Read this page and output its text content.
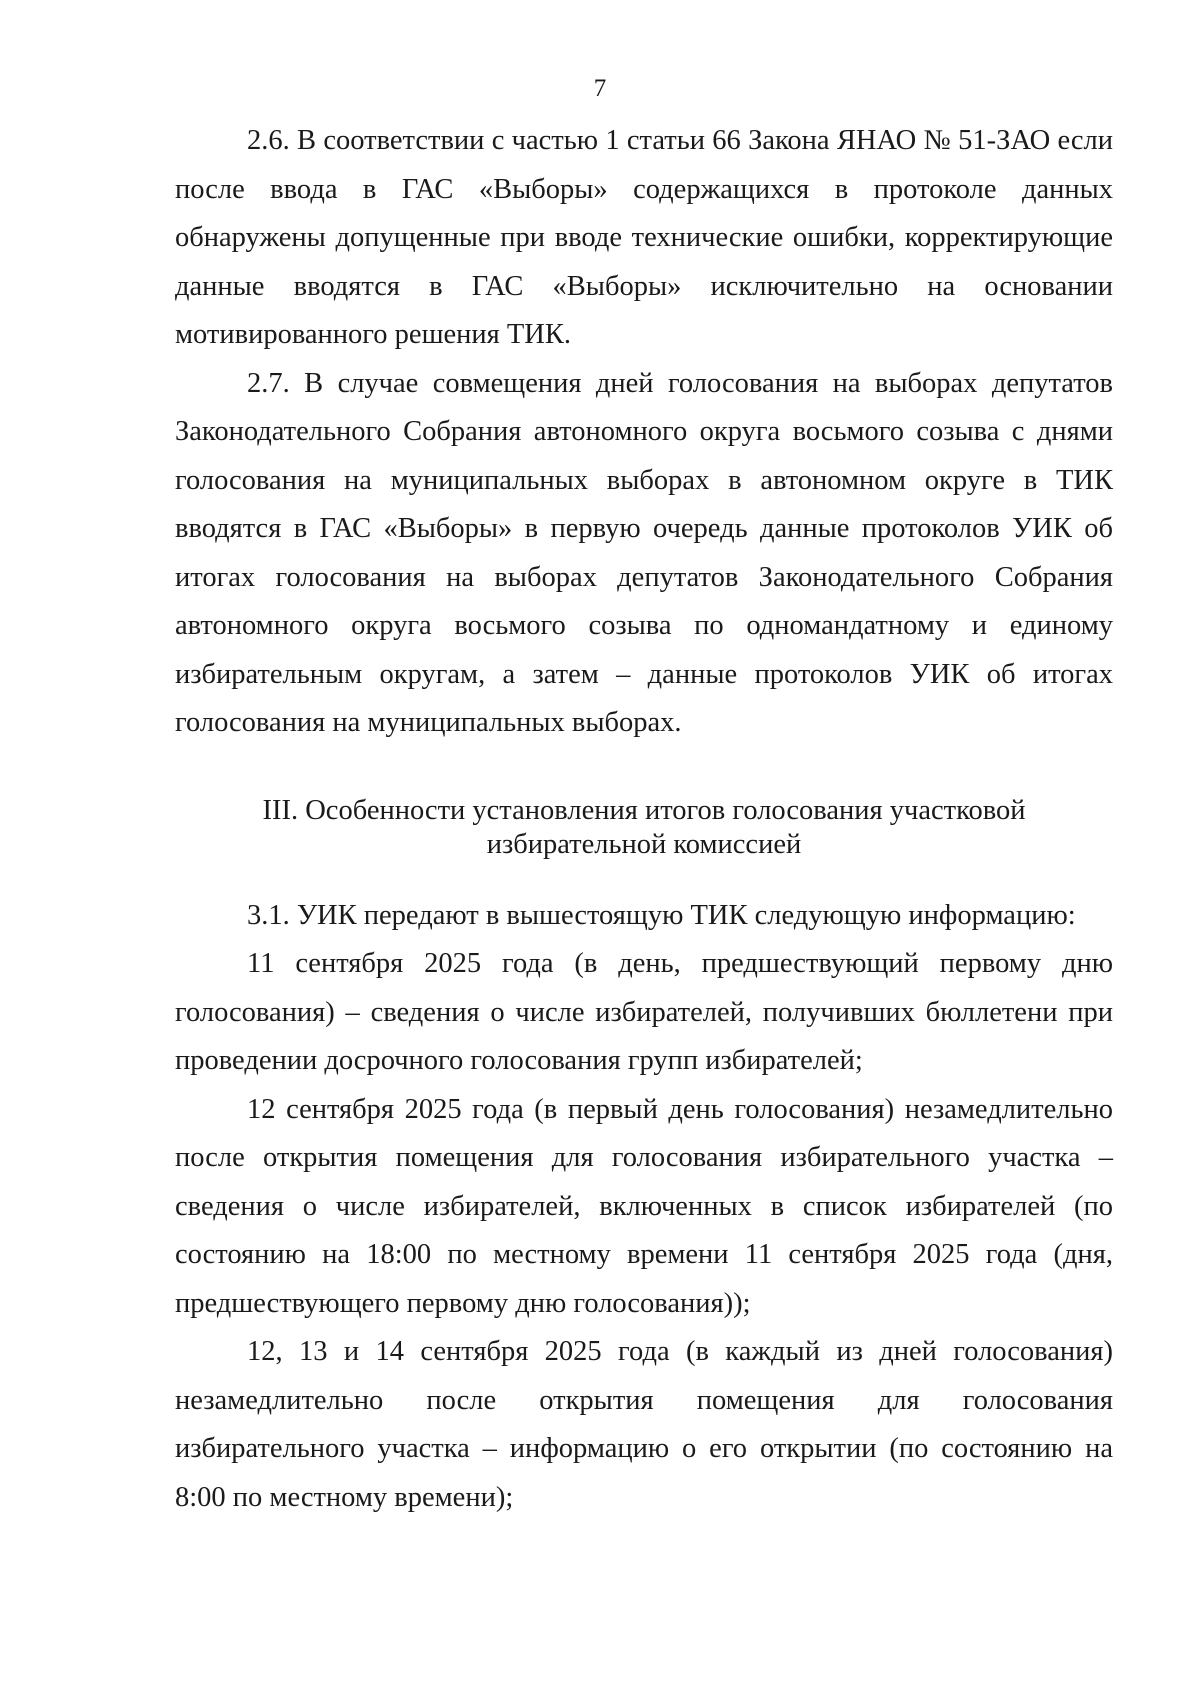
7

2.6. В соответствии с частью 1 статьи 66 Закона ЯНАО № 51-ЗАО если после ввода в ГАС «Выборы» содержащихся в протоколе данных обнаружены допущенные при вводе технические ошибки, корректирующие данные вводятся в ГАС «Выборы» исключительно на основании мотивированного решения ТИК.

2.7. В случае совмещения дней голосования на выборах депутатов Законодательного Собрания автономного округа восьмого созыва с днями голосования на муниципальных выборах в автономном округе в ТИК вводятся в ГАС «Выборы» в первую очередь данные протоколов УИК об итогах голосования на выборах депутатов Законодательного Собрания автономного округа восьмого созыва по одномандатному и единому избирательным округам, а затем – данные протоколов УИК об итогах голосования на муниципальных выборах.

III. Особенности установления итогов голосования участковой
избирательной комиссией

3.1. УИК передают в вышестоящую ТИК следующую информацию:

11 сентября 2025 года (в день, предшествующий первому дню голосования) – сведения о числе избирателей, получивших бюллетени при проведении досрочного голосования групп избирателей;

12 сентября 2025 года (в первый день голосования) незамедлительно после открытия помещения для голосования избирательного участка – сведения о числе избирателей, включенных в список избирателей (по состоянию на 18:00 по местному времени 11 сентября 2025 года (дня, предшествующего первому дню голосования));

12, 13 и 14 сентября 2025 года (в каждый из дней голосования) незамедлительно после открытия помещения для голосования избирательного участка – информацию о его открытии (по состоянию на 8:00 по местному времени);
